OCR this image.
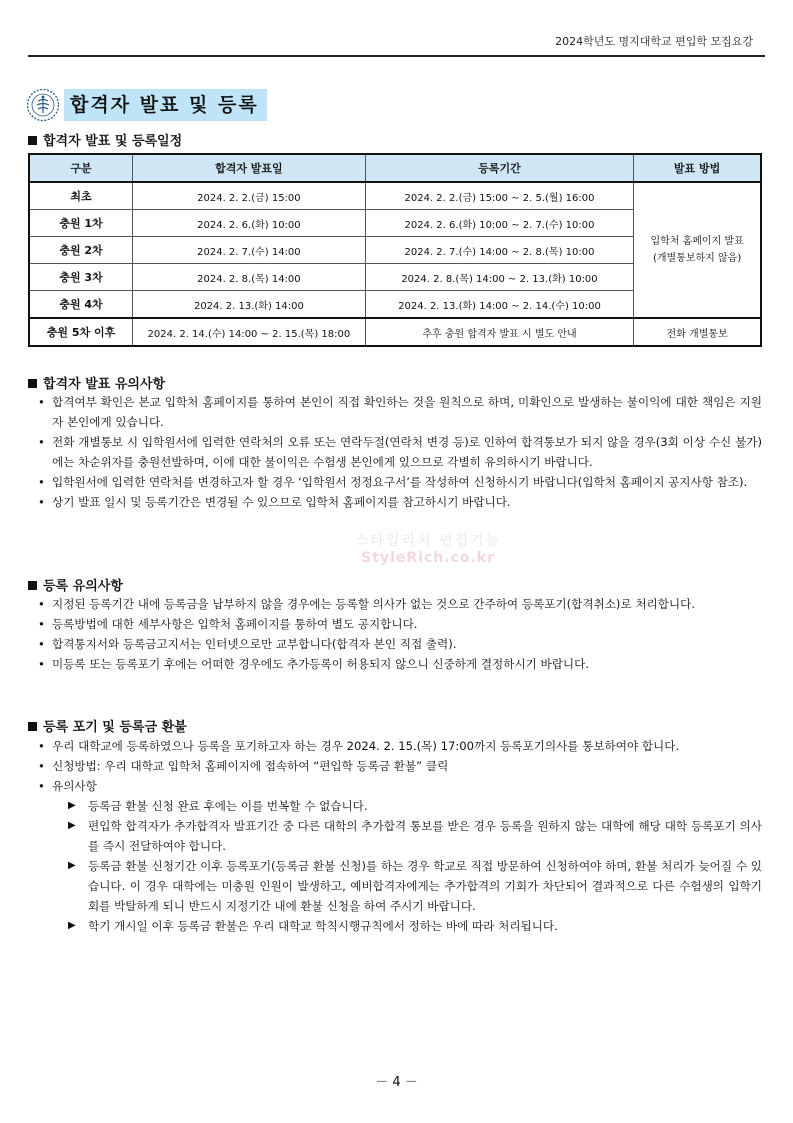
2024학년도 명지대학교 편입학 모집요강
합격자 발표 및 등록
합격자 발표 및 등록일정
구분	합격자 발표일	등록기간	발표 방법
최초	2024. 2. 2.(금) 15:00	2024. 2. 2.(금) 15:00 ~ 2. 5.(월) 16:00	입학처 홈페이지 발표
(개별통보하지 않음)

충원 1차	2024. 2. 6.(화) 10:00	2024. 2. 6.(화) 10:00 ~ 2. 7.(수) 10:00	
충원 2차	2024. 2. 7.(수) 14:00	2024. 2. 7.(수) 14:00 ~ 2. 8.(목) 10:00	
충원 3차	2024. 2. 8.(목) 14:00	2024. 2. 8.(목) 14:00 ~ 2. 13.(화) 10:00	
충원 4차	2024. 2. 13.(화) 14:00	2024. 2. 13.(화) 14:00 ~ 2. 14.(수) 10:00	
충원 5차 이후	2024. 2. 14.(수) 14:00 ~ 2. 15.(목) 18:00	추후 충원 합격자 발표 시 별도 안내	전화 개별통보
합격자 발표 유의사항
• 합격여부 확인은 본교 입학처 홈페이지를 통하여 본인이 직접 확인하는 것을 원칙으로 하며, 미확인으로 발생하는 불이익에 대한 책임은 지원자 본인에게 있습니다.
• 전화 개별통보 시 입학원서에 입력한 연락처의 오류 또는 연락두절(연락처 변경 등)로 인하여 합격통보가 되지 않을 경우(3회 이상 수신 불가)에는 차순위자를 충원선발하며, 이에 대한 불이익은 수험생 본인에게 있으므로 각별히 유의하시기 바랍니다.
• 입학원서에 입력한 연락처를 변경하고자 할 경우 ‘입학원서 정정요구서’를 작성하여 신청하시기 바랍니다(입학처 홈페이지 공지사항 참조).
• 상기 발표 일시 및 등록기간은 변경될 수 있으므로 입학처 홈페이지를 참고하시기 바랍니다.
스타일리치 편집기능
StyleRich.co.kr
등록 유의사항
• 지정된 등록기간 내에 등록금을 납부하지 않을 경우에는 등록할 의사가 없는 것으로 간주하여 등록포기(합격취소)로 처리합니다.
• 등록방법에 대한 세부사항은 입학처 홈페이지를 통하여 별도 공지합니다.
• 합격통지서와 등록금고지서는 인터넷으로만 교부합니다(합격자 본인 직접 출력).
• 미등록 또는 등록포기 후에는 어떠한 경우에도 추가등록이 허용되지 않으니 신중하게 결정하시기 바랍니다.
등록 포기 및 등록금 환불
• 우리 대학교에 등록하였으나 등록을 포기하고자 하는 경우 2024. 2. 15.(목) 17:00까지 등록포기의사를 통보하여야 합니다.
• 신청방법: 우리 대학교 입학처 홈페이지에 접속하여 “편입학 등록금 환불” 클릭
• 유의사항
▶ 등록금 환불 신청 완료 후에는 이를 번복할 수 없습니다.
▶ 편입학 합격자가 추가합격자 발표기간 중 다른 대학의 추가합격 통보를 받은 경우 등록을 원하지 않는 대학에 해당 대학 등록포기 의사를 즉시 전달하여야 합니다.
▶ 등록금 환불 신청기간 이후 등록포기(등록금 환불 신청)를 하는 경우 학교로 직접 방문하여 신청하여야 하며, 환불 처리가 늦어질 수 있습니다. 이 경우 대학에는 미충원 인원이 발생하고, 예비합격자에게는 추가합격의 기회가 차단되어 결과적으로 다른 수험생의 입학기회를 박탈하게 되니 반드시 지정기간 내에 환불 신청을 하여 주시기 바랍니다.
▶ 학기 개시일 이후 등록금 환불은 우리 대학교 학칙시행규칙에서 정하는 바에 따라 처리됩니다.
－ 4 －
